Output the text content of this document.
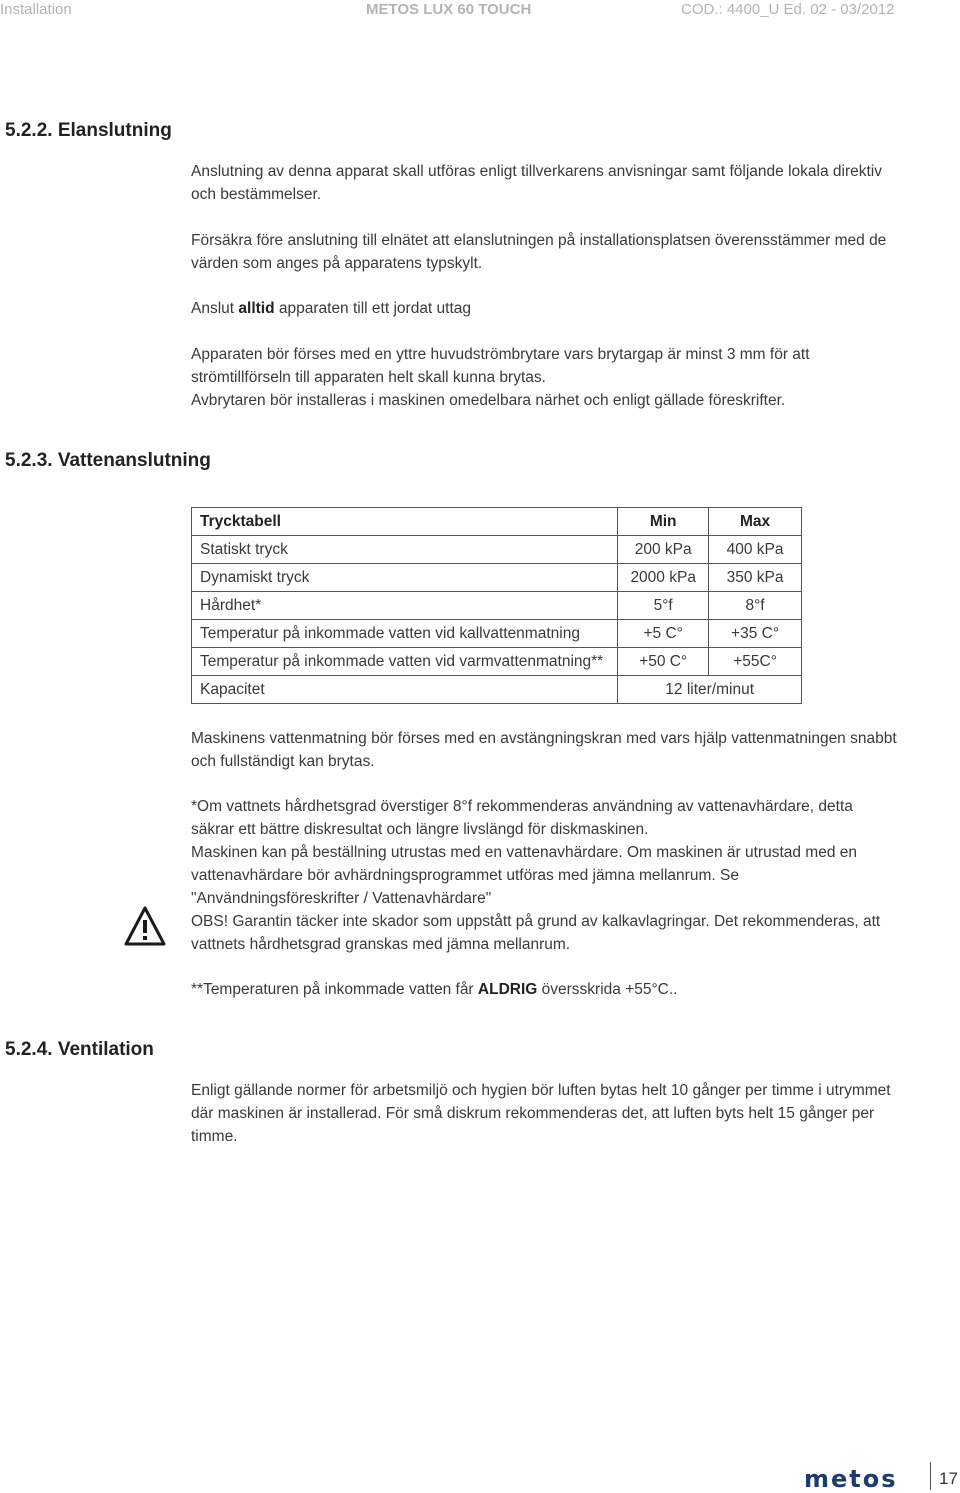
Installation	METOS LUX 60 TOUCH	COD.: 4400_U Ed. 02 - 03/2012
5.2.2. Elanslutning

Anslutning av denna apparat skall utföras enligt tillverkarens anvisningar samt följande lokala direktiv och bestämmelser.

Försäkra före anslutning till elnätet att elanslutningen på installationsplatsen överensstämmer med de värden som anges på apparatens typskylt.

Anslut alltid apparaten till ett jordat uttag

Apparaten bör förses med en yttre huvudströmbrytare vars brytargap är minst 3 mm för att strömtillförseln till apparaten helt skall kunna brytas.

Avbrytaren bör installeras i maskinen omedelbara närhet och enligt gällade föreskrifter.

5.2.3. Vattenanslutning
Trycktabell	Min	Max
Statiskt tryck	200 kPa	400 kPa
Dynamiskt tryck	2000 kPa	350 kPa
Hårdhet*	5°f	8°f
Temperatur på inkommade vatten vid kallvattenmatning	+5 C°	+35 C°
Temperatur på inkommade vatten vid varmvattenmatning**	+50 C°	+55C°
Kapacitet	12 liter/minut	

Maskinens vattenmatning bör förses med en avstängningskran med vars hjälp vattenmatningen snabbt och fullständigt kan brytas.

*Om vattnets hårdhetsgrad överstiger 8°f rekommenderas användning av vattenavhärdare, detta säkrar ett bättre diskresultat och längre livslängd för diskmaskinen.

Maskinen kan på beställning utrustas med en vattenavhärdare. Om maskinen är utrustad med en vattenavhärdare bör avhärdningsprogrammet utföras med jämna mellanrum. Se "Användningsföreskrifter / Vattenavhärdare"

OBS! Garantin täcker inte skador som uppstått på grund av kalkavlagringar. Det rekommenderas, att vattnets hårdhetsgrad granskas med jämna mellanrum.

**Temperaturen på inkommade vatten får ALDRIG översskrida +55°C..

5.2.4. Ventilation

Enligt gällande normer för arbetsmiljö och hygien bör luften bytas helt 10 gånger per timme i utrymmet där maskinen är installerad. För små diskrum rekommenderas det, att luften byts helt 15 gånger per timme.

metos 17
